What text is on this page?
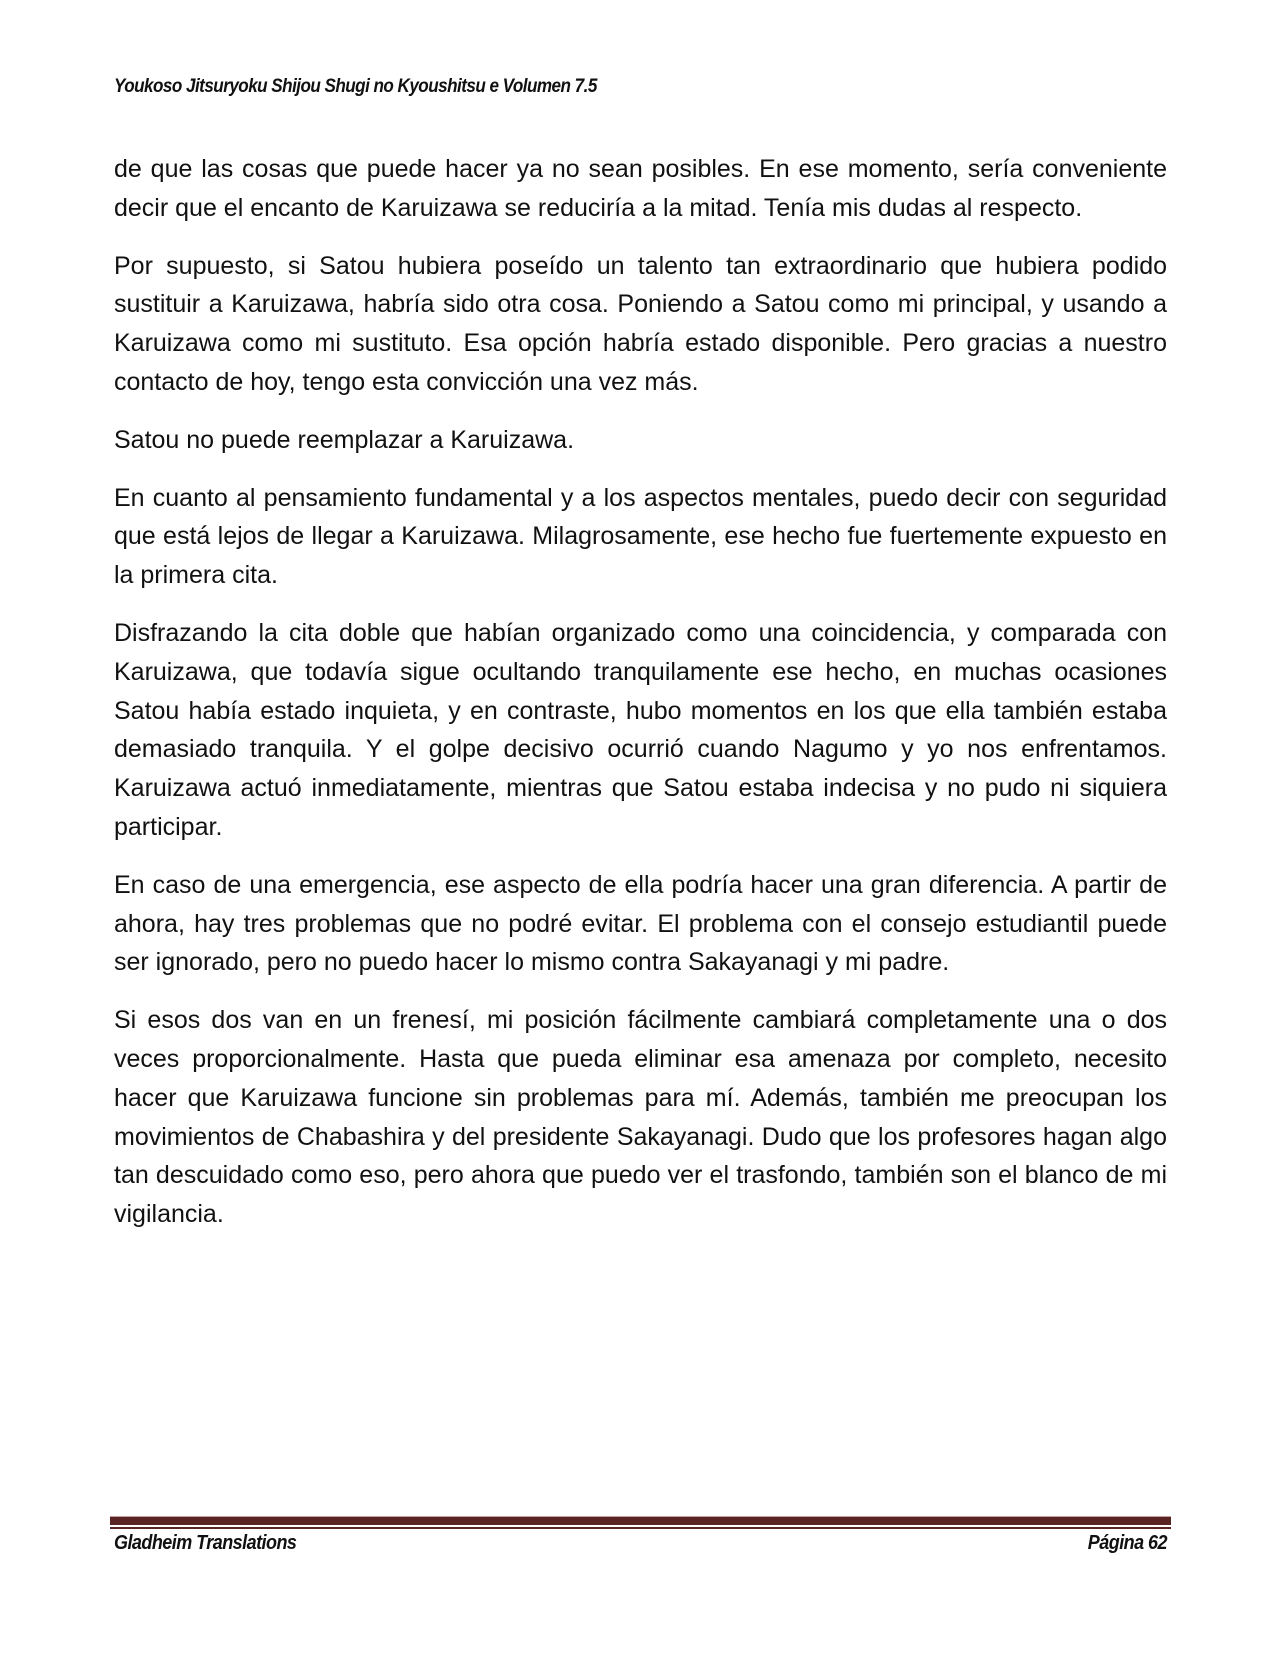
Youkoso Jitsuryoku Shijou Shugi no Kyoushitsu e Volumen 7.5

de que las cosas que puede hacer ya no sean posibles. En ese momento, sería conveniente decir que el encanto de Karuizawa se reduciría a la mitad. Tenía mis dudas al respecto.

Por supuesto, si Satou hubiera poseído un talento tan extraordinario que hubiera podido sustituir a Karuizawa, habría sido otra cosa. Poniendo a Satou como mi principal, y usando a Karuizawa como mi sustituto. Esa opción habría estado disponible. Pero gracias a nuestro contacto de hoy, tengo esta convicción una vez más.

Satou no puede reemplazar a Karuizawa.

En cuanto al pensamiento fundamental y a los aspectos mentales, puedo decir con seguridad que está lejos de llegar a Karuizawa. Milagrosamente, ese hecho fue fuertemente expuesto en la primera cita.

Disfrazando la cita doble que habían organizado como una coincidencia, y comparada con Karuizawa, que todavía sigue ocultando tranquilamente ese hecho, en muchas ocasiones Satou había estado inquieta, y en contraste, hubo momentos en los que ella también estaba demasiado tranquila. Y el golpe decisivo ocurrió cuando Nagumo y yo nos enfrentamos. Karuizawa actuó inmediatamente, mientras que Satou estaba indecisa y no pudo ni siquiera participar.

En caso de una emergencia, ese aspecto de ella podría hacer una gran diferencia. A partir de ahora, hay tres problemas que no podré evitar. El problema con el consejo estudiantil puede ser ignorado, pero no puedo hacer lo mismo contra Sakayanagi y mi padre.

Si esos dos van en un frenesí, mi posición fácilmente cambiará completamente una o dos veces proporcionalmente. Hasta que pueda eliminar esa amenaza por completo, necesito hacer que Karuizawa funcione sin problemas para mí. Además, también me preocupan los movimientos de Chabashira y del presidente Sakayanagi. Dudo que los profesores hagan algo tan descuidado como eso, pero ahora que puedo ver el trasfondo, también son el blanco de mi vigilancia.

Gladheim Translations	Página 62
